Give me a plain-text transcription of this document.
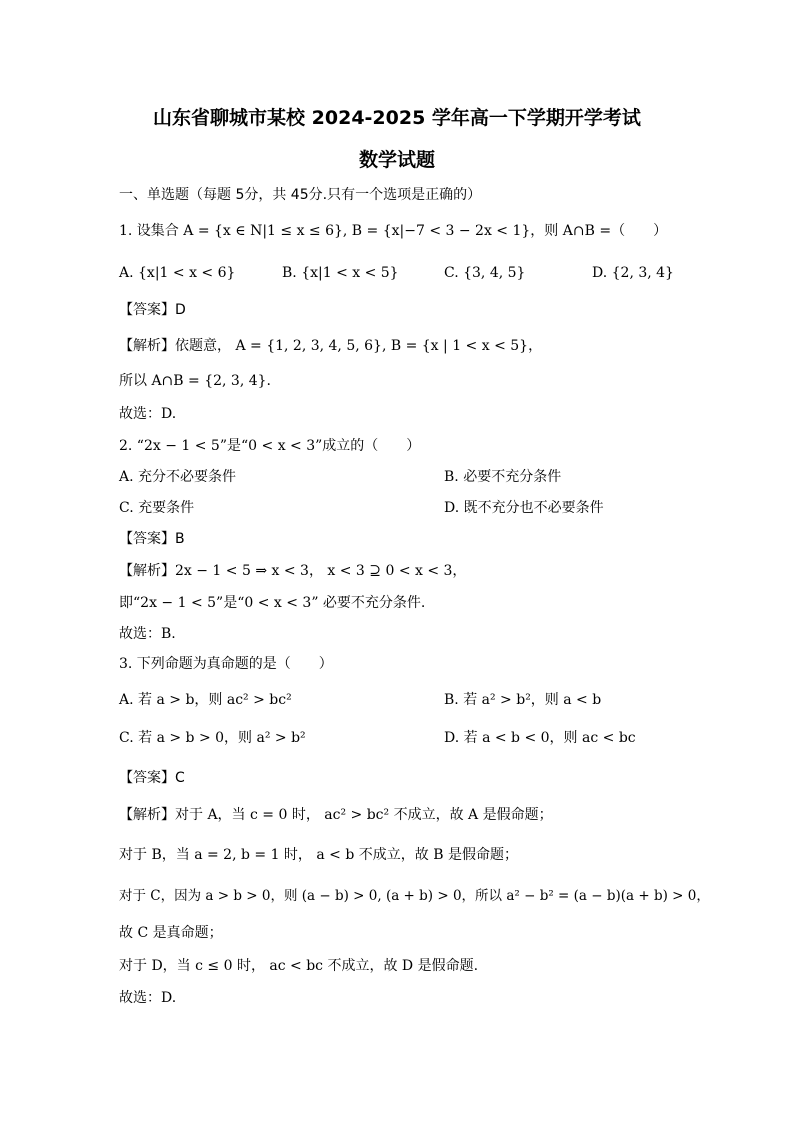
山东省聊城市某校 2024-2025 学年高一下学期开学考试
数学试题
一、单选题（每题 5分，共 45分.只有一个选项是正确的）
1. 设集合 A = {x ∈ N|1 ≤ x ≤ 6}, B = {x|−7 < 3 − 2x < 1}，则 A∩B =（　　）
A. {x|1 < x < 6}	B. {x|1 < x < 5}	C. {3, 4, 5}	D. {2, 3, 4}
【答案】D
【解析】依题意， A = {1, 2, 3, 4, 5, 6}, B = {x | 1 < x < 5}，
所以 A∩B = {2, 3, 4}.
故选：D.
2. “2x − 1 < 5”是“0 < x < 3”成立的（　　）
A. 充分不必要条件	B. 必要不充分条件
C. 充要条件	D. 既不充分也不必要条件
【答案】B
【解析】2x − 1 < 5 ⇒ x < 3， x < 3 ⊇ 0 < x < 3，
即“2x − 1 < 5”是“0 < x < 3” 必要不充分条件.
故选：B.
3. 下列命题为真命题的是（　　）
A. 若 a > b，则 ac² > bc²	B. 若 a² > b²，则 a < b
C. 若 a > b > 0，则 a² > b²	D. 若 a < b < 0，则 ac < bc
【答案】C
【解析】对于 A，当 c = 0 时， ac² > bc² 不成立，故 A 是假命题；
对于 B，当 a = 2, b = 1 时， a < b 不成立，故 B 是假命题；
对于 C，因为 a > b > 0，则 (a − b) > 0, (a + b) > 0，所以 a² − b² = (a − b)(a + b) > 0，
故 C 是真命题；
对于 D，当 c ≤ 0 时， ac < bc 不成立，故 D 是假命题.
故选：D.
